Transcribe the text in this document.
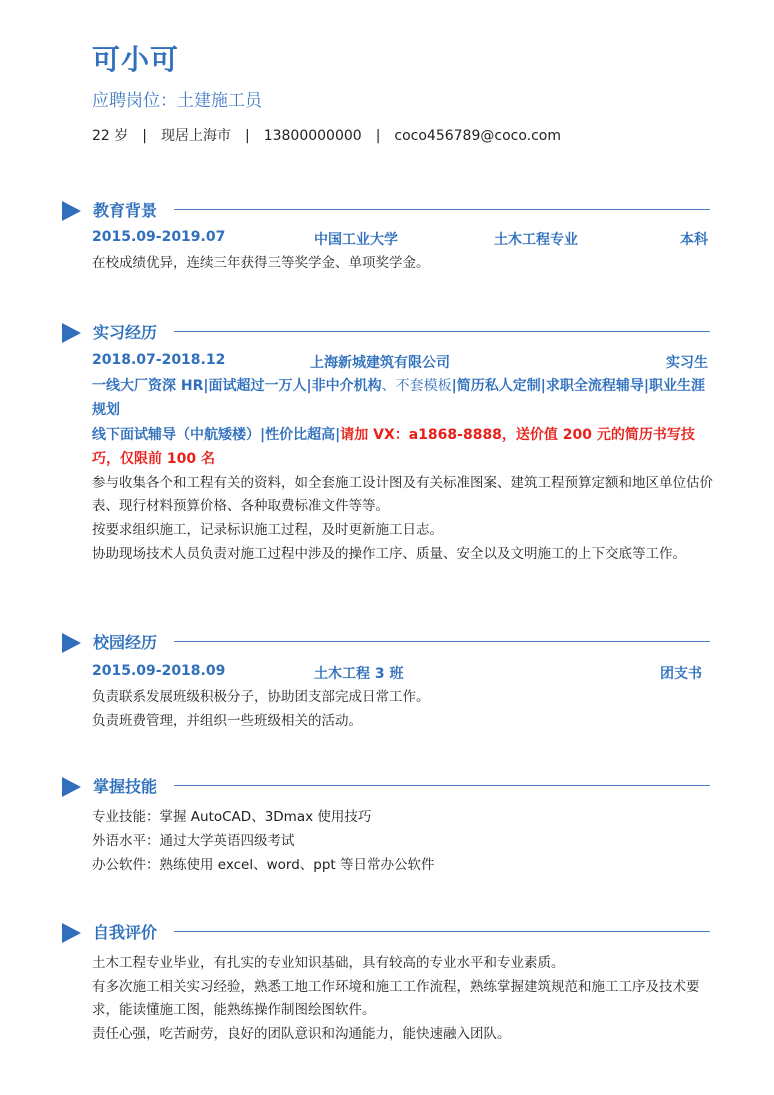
可小可
应聘岗位：土建施工员
22 岁 | 现居上海市 | 13800000000 | coco456789@coco.com
教育背景
2015.09-2019.07	中国工业大学	土木工程专业	本科
在校成绩优异，连续三年获得三等奖学金、单项奖学金。
实习经历
2018.07-2018.12	上海新城建筑有限公司	实习生
一线大厂资深 HR|面试超过一万人|非中介机构、不套模板|简历私人定制|求职全流程辅导|职业生涯规划
线下面试辅导（中航矮楼）|性价比超高|请加 VX：a1868-8888，送价值 200 元的简历书写技巧，仅限前 100 名
参与收集各个和工程有关的资料，如全套施工设计图及有关标准图案、建筑工程预算定额和地区单位估价表、现行材料预算价格、各种取费标准文件等等。
按要求组织施工，记录标识施工过程，及时更新施工日志。
协助现场技术人员负责对施工过程中涉及的操作工序、质量、安全以及文明施工的上下交底等工作。
校园经历
2015.09-2018.09	土木工程 3 班	团支书
负责联系发展班级积极分子，协助团支部完成日常工作。
负责班费管理，并组织一些班级相关的活动。
掌握技能
专业技能：掌握 AutoCAD、3Dmax 使用技巧
外语水平：通过大学英语四级考试
办公软件：熟练使用 excel、word、ppt 等日常办公软件
自我评价
土木工程专业毕业，有扎实的专业知识基础，具有较高的专业水平和专业素质。
有多次施工相关实习经验，熟悉工地工作环境和施工工作流程，熟练掌握建筑规范和施工工序及技术要求，能读懂施工图，能熟练操作制图绘图软件。
责任心强，吃苦耐劳，良好的团队意识和沟通能力，能快速融入团队。
